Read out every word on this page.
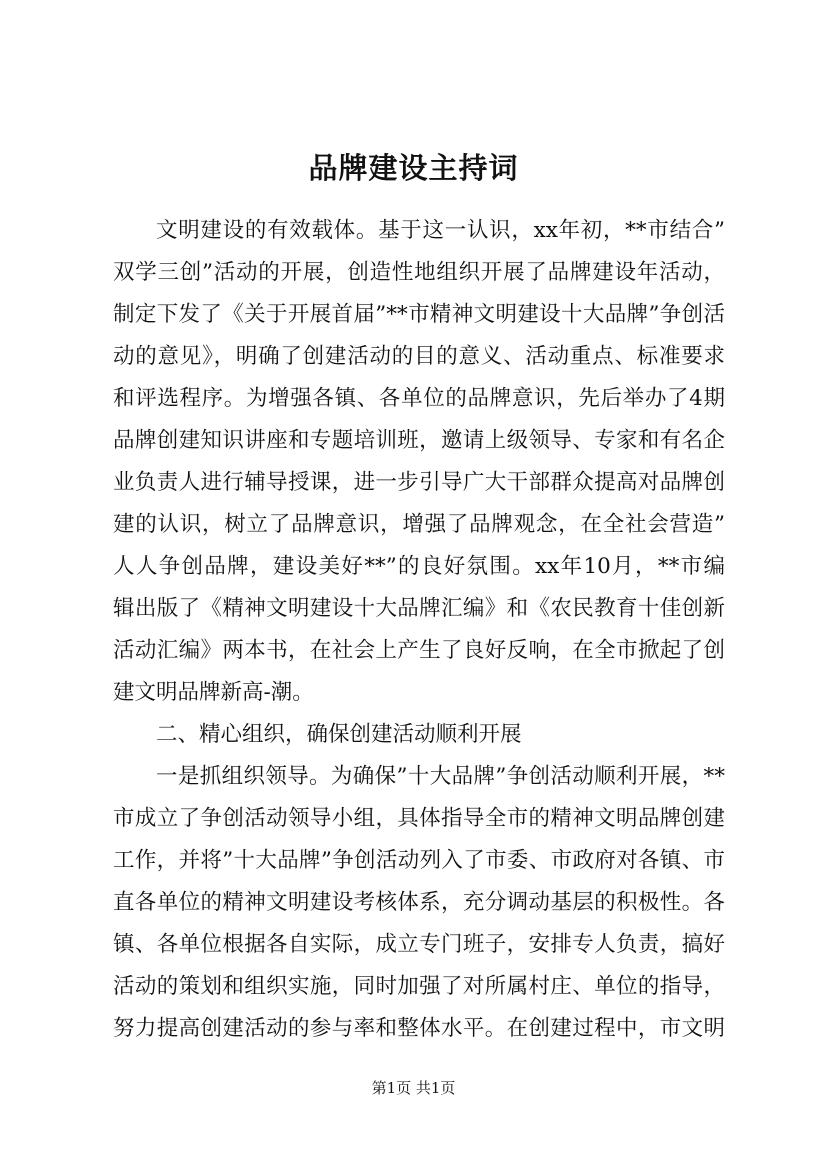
品牌建设主持词
文明建设的有效载体。基于这一认识，xx年初，**市结合”
双学三创”活动的开展，创造性地组织开展了品牌建设年活动，
制定下发了《关于开展首届”**市精神文明建设十大品牌”争创活
动的意见》，明确了创建活动的目的意义、活动重点、标准要求
和评选程序。为增强各镇、各单位的品牌意识，先后举办了4期
品牌创建知识讲座和专题培训班，邀请上级领导、专家和有名企
业负责人进行辅导授课，进一步引导广大干部群众提高对品牌创
建的认识，树立了品牌意识，增强了品牌观念，在全社会营造”
人人争创品牌，建设美好**”的良好氛围。xx年10月，**市编
辑出版了《精神文明建设十大品牌汇编》和《农民教育十佳创新
活动汇编》两本书，在社会上产生了良好反响，在全市掀起了创
建文明品牌新高-潮。
二、精心组织，确保创建活动顺利开展
一是抓组织领导。为确保”十大品牌”争创活动顺利开展，**
市成立了争创活动领导小组，具体指导全市的精神文明品牌创建
工作，并将”十大品牌”争创活动列入了市委、市政府对各镇、市
直各单位的精神文明建设考核体系，充分调动基层的积极性。各
镇、各单位根据各自实际，成立专门班子，安排专人负责，搞好
活动的策划和组织实施，同时加强了对所属村庄、单位的指导，
努力提高创建活动的参与率和整体水平。在创建过程中，市文明
第1页 共1页
